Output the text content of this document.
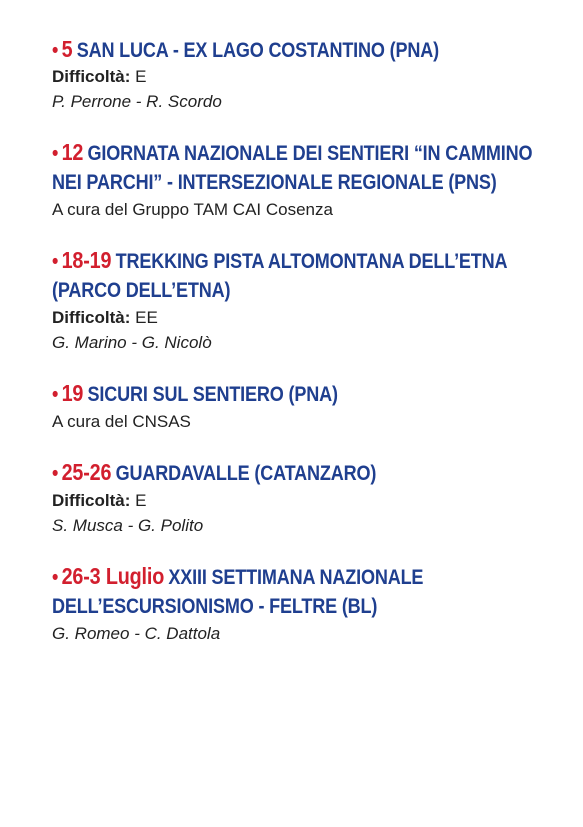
• 5 SAN LUCA - EX LAGO COSTANTINO (PNA)
Difficoltà: E
P. Perrone - R. Scordo
• 12 GIORNATA NAZIONALE DEI SENTIERI “IN CAMMINO NEI PARCHI” - INTERSEZIONALE REGIONALE (PNS)
A cura del Gruppo TAM CAI Cosenza
• 18-19 TREKKING PISTA ALTOMONTANA DELL’ETNA (PARCO DELL’ETNA)
Difficoltà: EE
G. Marino - G. Nicolò
• 19 SICURI SUL SENTIERO (PNA)
A cura del CNSAS
• 25-26 GUARDAVALLE (CATANZARO)
Difficoltà: E
S. Musca - G. Polito
• 26-3 Luglio XXIII SETTIMANA NAZIONALE DELL’ESCURSIONISMO - FELTRE (BL)
G. Romeo - C. Dattola
